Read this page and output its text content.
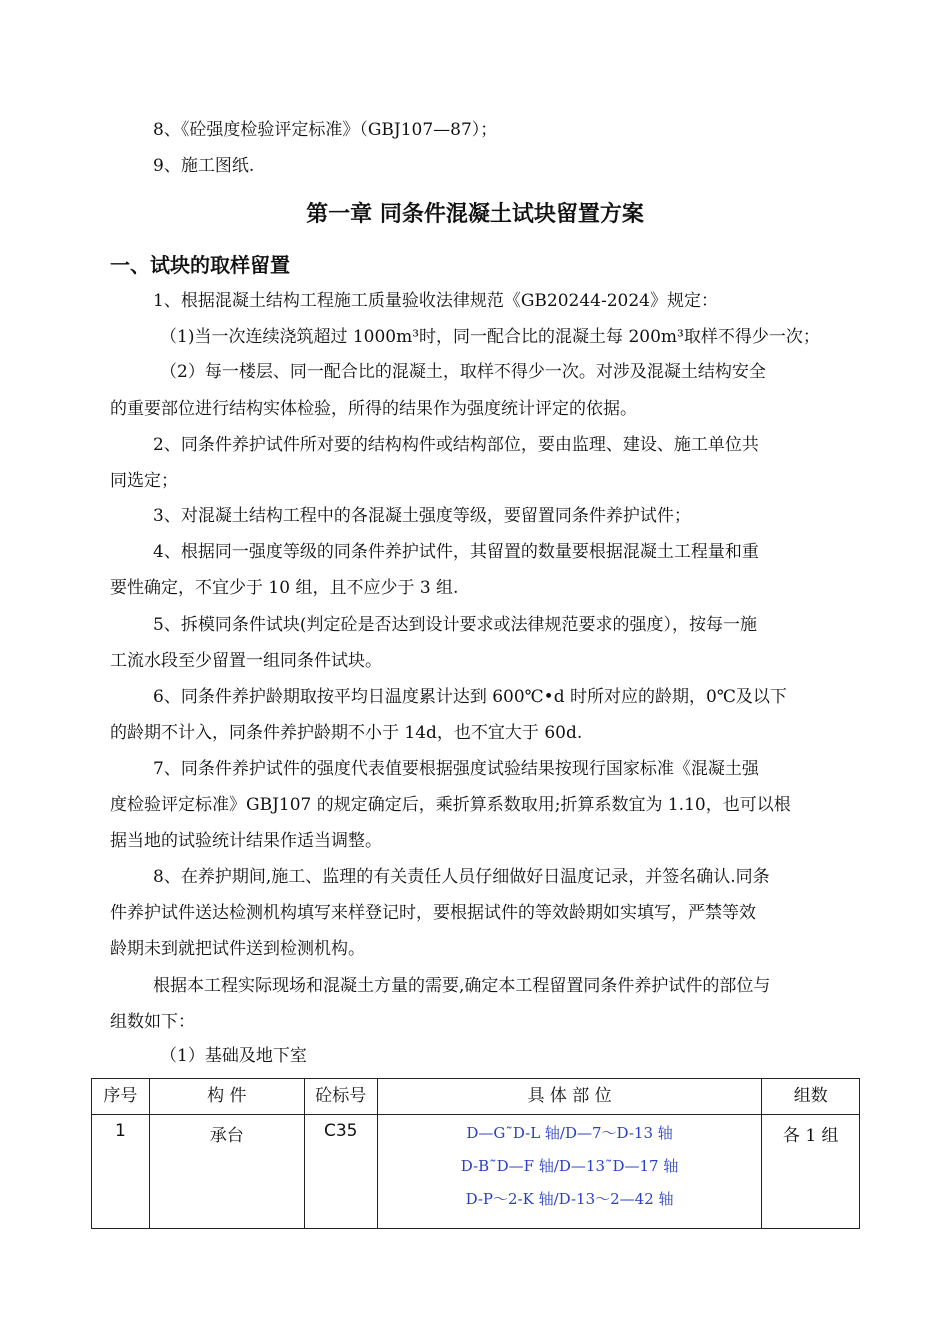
8、《砼强度检验评定标准》（GBJ107—87）；
9、施工图纸.
第一章 同条件混凝土试块留置方案
一、试块的取样留置
1、根据混凝土结构工程施工质量验收法律规范《GB20244-2024》规定：
（1)当一次连续浇筑超过 1000m³时，同一配合比的混凝土每 200m³取样不得少一次；
（2）每一楼层、同一配合比的混凝土，取样不得少一次。对涉及混凝土结构安全
的重要部位进行结构实体检验，所得的结果作为强度统计评定的依据。
2、同条件养护试件所对要的结构构件或结构部位，要由监理、建设、施工单位共
同选定；
3、对混凝土结构工程中的各混凝土强度等级，要留置同条件养护试件；
4、根据同一强度等级的同条件养护试件，其留置的数量要根据混凝土工程量和重
要性确定，不宜少于 10 组，且不应少于 3 组.
5、拆模同条件试块(判定砼是否达到设计要求或法律规范要求的强度），按每一施
工流水段至少留置一组同条件试块。
6、同条件养护龄期取按平均日温度累计达到 600℃•d 时所对应的龄期，0℃及以下
的龄期不计入，同条件养护龄期不小于 14d，也不宜大于 60d.
7、同条件养护试件的强度代表值要根据强度试验结果按现行国家标准《混凝土强
度检验评定标准》GBJ107 的规定确定后，乘折算系数取用;折算系数宜为 1.10，也可以根
据当地的试验统计结果作适当调整。
8、在养护期间,施工、监理的有关责任人员仔细做好日温度记录，并签名确认.同条
件养护试件送达检测机构填写来样登记时，要根据试件的等效龄期如实填写，严禁等效
龄期未到就把试件送到检测机构。
根据本工程实际现场和混凝土方量的需要,确定本工程留置同条件养护试件的部位与
组数如下：
（1）基础及地下室
序号	构 件	砼标号	具 体 部 位	组数
1	承台	C35	D—G˜D-L 轴/D—7～D-13 轴
D-B˜D—F 轴/D—13˜D—17 轴
D-P～2-K 轴/D-13～2—42 轴	各 1 组
